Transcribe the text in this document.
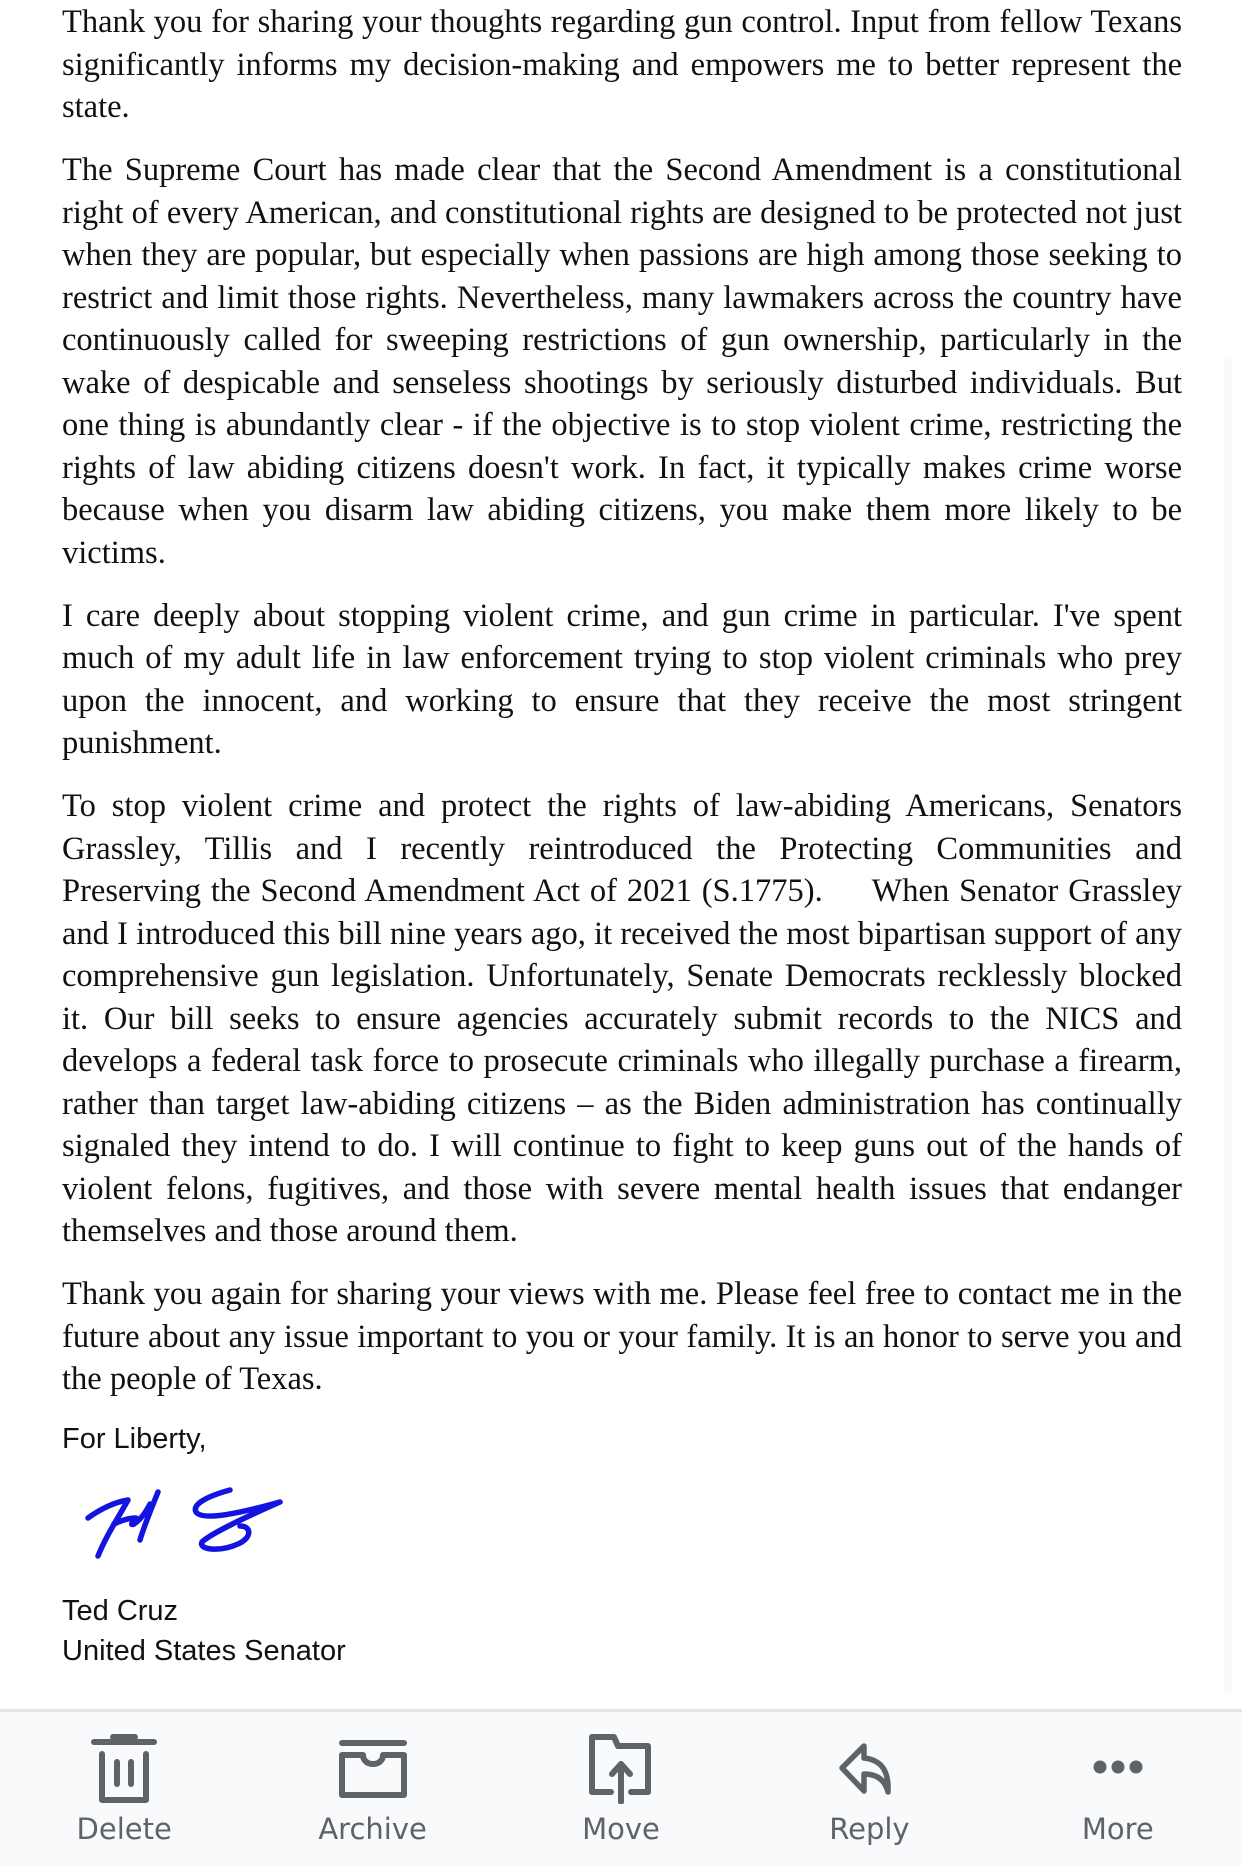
Thank you for sharing your thoughts regarding gun control. Input from fellow Texans significantly informs my decision-making and empowers me to better represent the state.

The Supreme Court has made clear that the Second Amendment is a constitutional right of every American, and constitutional rights are designed to be protected not just when they are popular, but especially when passions are high among those seeking to restrict and limit those rights. Nevertheless, many lawmakers across the country have continuously called for sweeping restrictions of gun ownership, particularly in the wake of despicable and senseless shootings by seriously disturbed individuals. But one thing is abundantly clear - if the objective is to stop violent crime, restricting the rights of law abiding citizens doesn't work. In fact, it typically makes crime worse because when you disarm law abiding citizens, you make them more likely to be victims.

I care deeply about stopping violent crime, and gun crime in particular. I've spent much of my adult life in law enforcement trying to stop violent criminals who prey upon the innocent, and working to ensure that they receive the most stringent punishment.

To stop violent crime and protect the rights of law-abiding Americans, Senators Grassley, Tillis and I recently reintroduced the Protecting Communities and Preserving the Second Amendment Act of 2021 (S.1775).     When Senator Grassley and I introduced this bill nine years ago, it received the most bipartisan support of any comprehensive gun legislation. Unfortunately, Senate Democrats recklessly blocked it. Our bill seeks to ensure agencies accurately submit records to the NICS and develops a federal task force to prosecute criminals who illegally purchase a firearm, rather than target law-abiding citizens – as the Biden administration has continually signaled they intend to do. I will continue to fight to keep guns out of the hands of violent felons, fugitives, and those with severe mental health issues that endanger themselves and those around them.

Thank you again for sharing your views with me. Please feel free to contact me in the future about any issue important to you or your family. It is an honor to serve you and the people of Texas.

For Liberty,
Ted Cruz
United States Senator
Delete	Archive	Move	Reply	More
